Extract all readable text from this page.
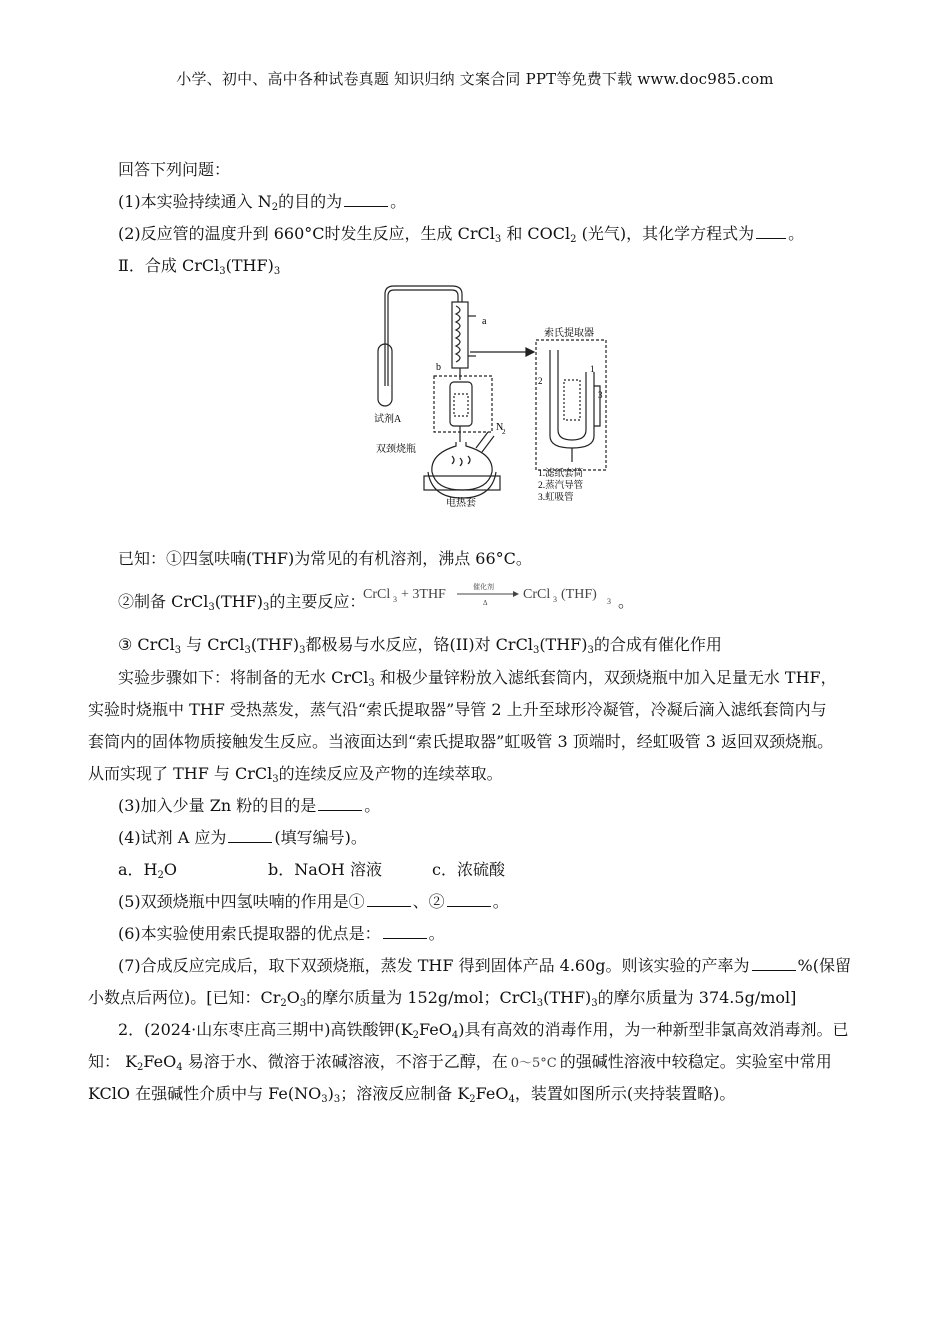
小学、初中、高中各种试卷真题 知识归纳 文案合同 PPT等免费下载 www.doc985.com
回答下列问题：
(1)本实验持续通入 $N_2$的目的为	。
(2)反应管的温度升到 660°C时发生反应，生成 CrCl$_3$ 和 COCl$_2$ (光气)，其化学方程式为 。
Ⅱ．合成 $CrCl_3(THF)_3$
a
b
试剂A
双颈烧瓶
N
2
电热套
索氏提取器
1
2
3
1.滤纸套筒
2.蒸汽导管
3.虹吸管
已知：①四氢呋喃(THF)为常见的有机溶剂，沸点 66°C。
②制备 $CrCl_3(THF)_3$的主要反应：
CrCl 3 + 3THF	催化剂
Δ
CrCl 3 (THF) 3 。
③ CrCl$_3$ 与 $CrCl_3(THF)_3$都极易与水反应，铬(II)对 $CrCl_3(THF)_3$的合成有催化作用
实验步骤如下：将制备的无水 CrCl$_3$ 和极少量锌粉放入滤纸套筒内，双颈烧瓶中加入足量无水 THF，
实验时烧瓶中 THF 受热蒸发，蒸气沿“索氏提取器”导管 2 上升至球形冷凝管，冷凝后滴入滤纸套筒内与
套筒内的固体物质接触发生反应。当液面达到“索氏提取器”虹吸管 3 顶端时，经虹吸管 3 返回双颈烧瓶。
从而实现了 THF 与 CrCl$_3$的连续反应及产物的连续萃取。
(3)加入少量 Zn 粉的目的是	。
(4)试剂 A 应为	(填写编号)。
a．$H_2O$	b．NaOH 溶液	c．浓硫酸
(5)双颈烧瓶中四氢呋喃的作用是①	、②	。
(6)本实验使用索氏提取器的优点是：	。
(7)合成反应完成后，取下双颈烧瓶，蒸发 THF 得到固体产品 4.60g。则该实验的产率为	%(保留
小数点后两位)。[已知：$Cr_2O_3$的摩尔质量为 152g/mol；$CrCl_3(THF)_3$的摩尔质量为 374.5g/mol]
2．(2024·山东枣庄高三期中)高铁酸钾$(K_2FeO_4)$具有高效的消毒作用，为一种新型非氯高效消毒剂。已
知： $K_2FeO_4$ 易溶于水、微溶于浓碱溶液，不溶于乙醇，在 0～5°C 的强碱性溶液中较稳定。实验室中常用
KClO 在强碱性介质中与 $Fe(NO_3)_3$；溶液反应制备 $K_2FeO_4$，装置如图所示(夹持装置略)。
